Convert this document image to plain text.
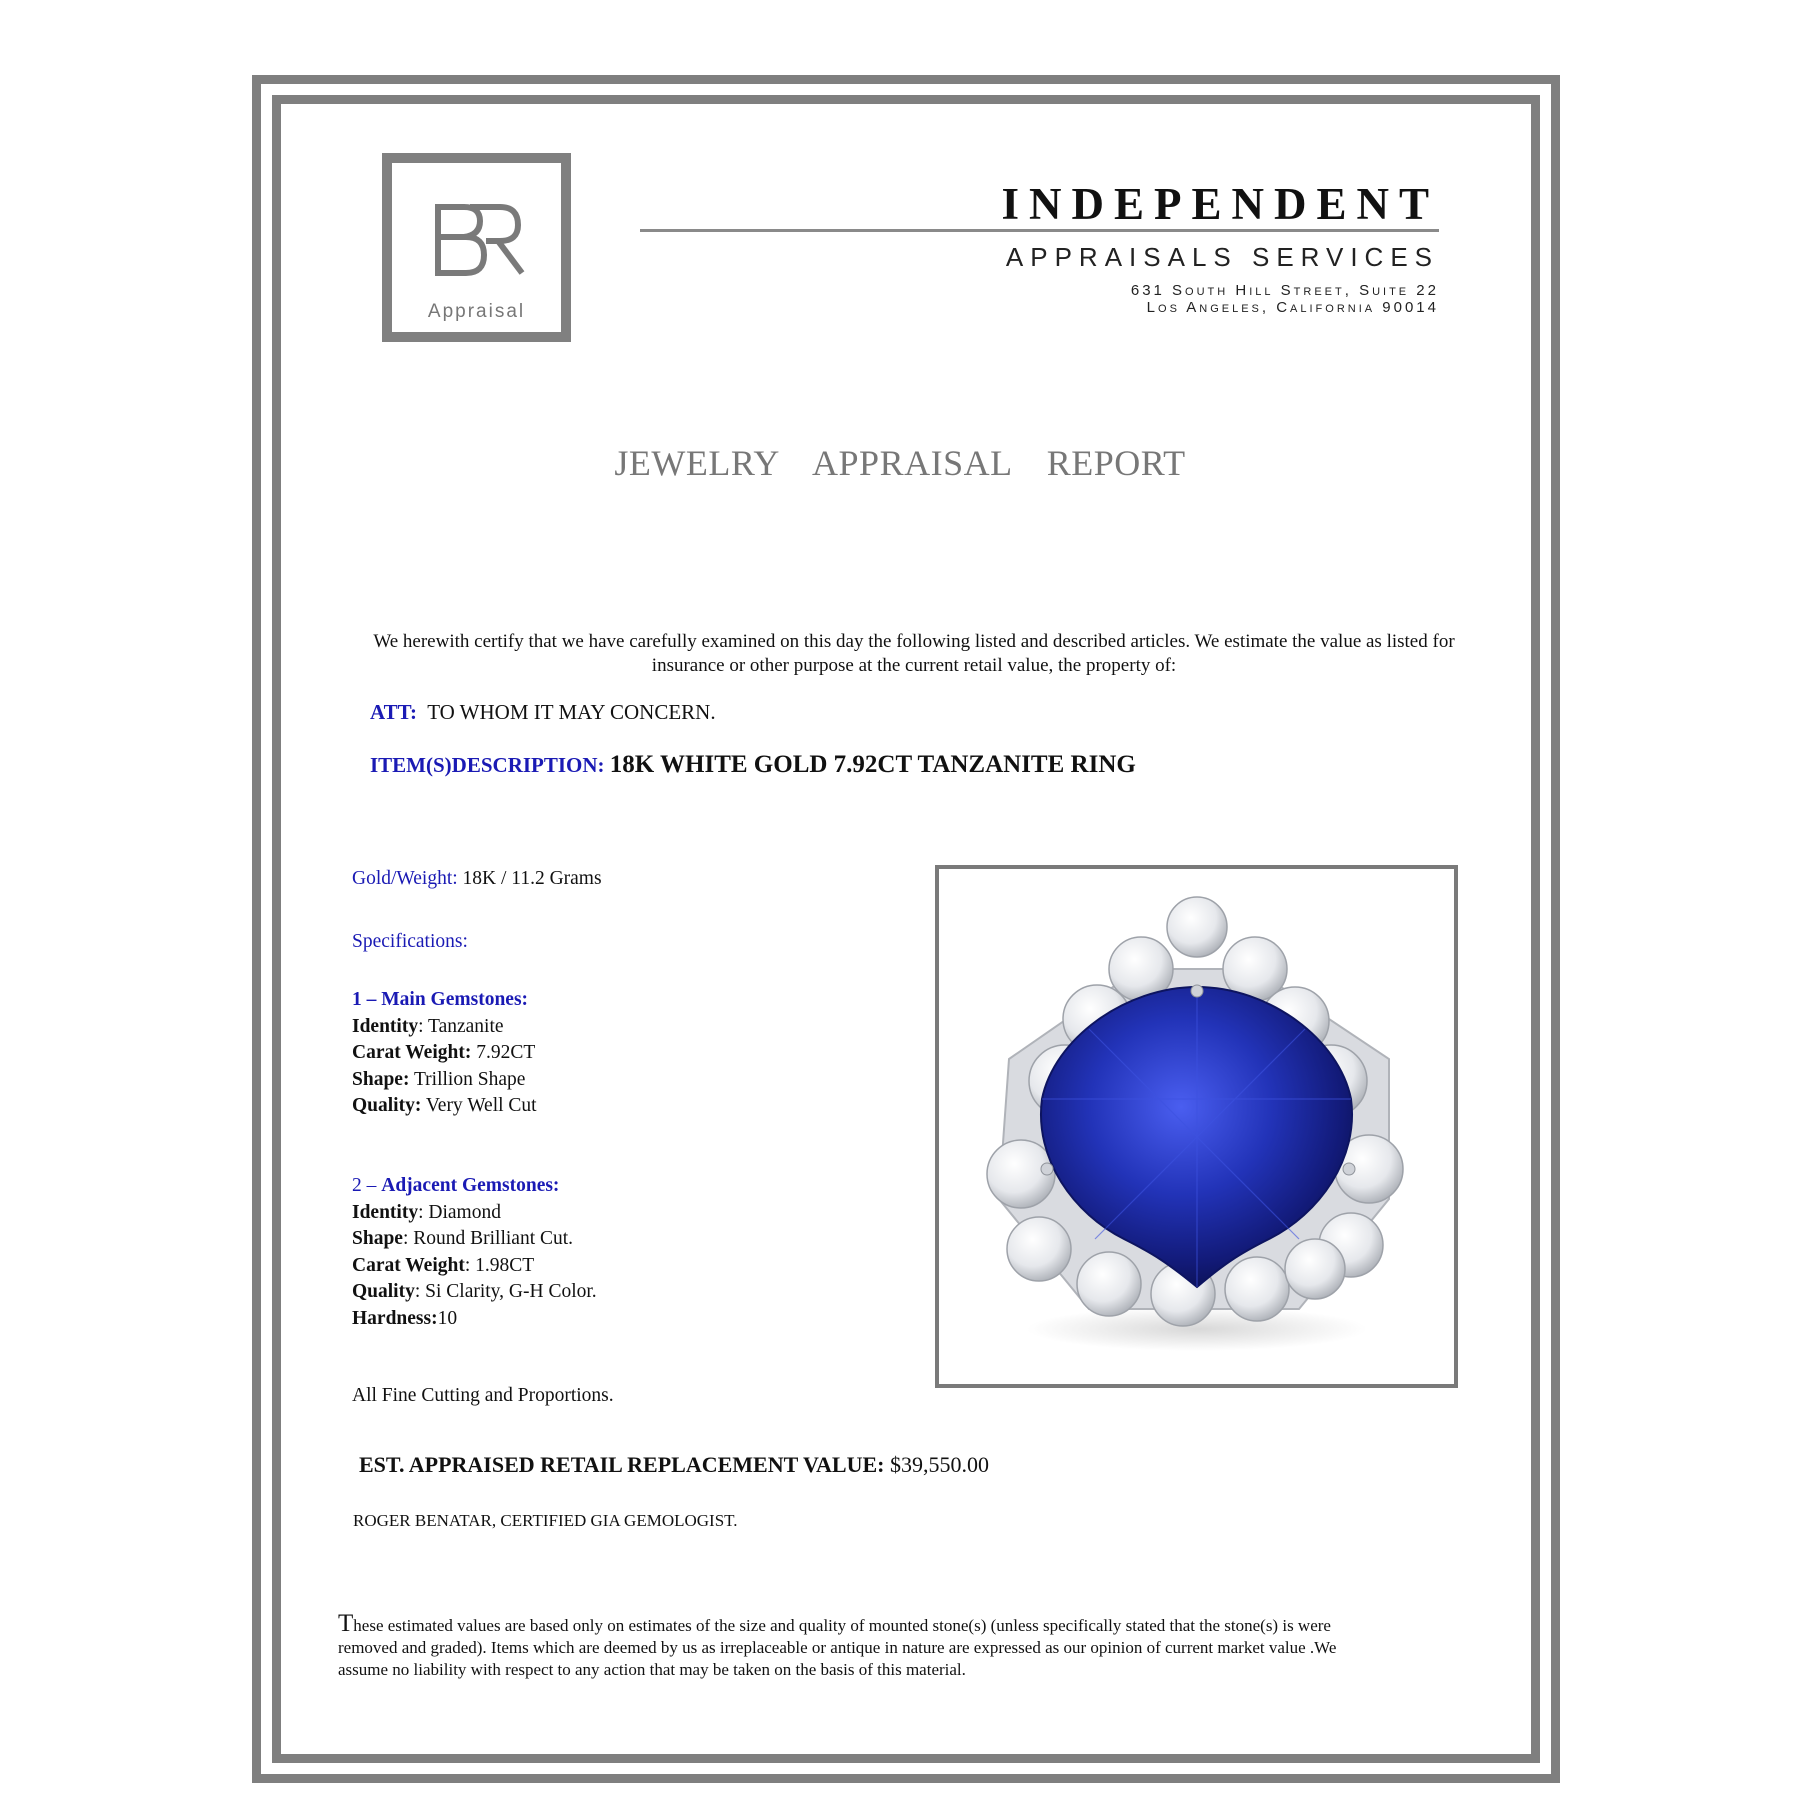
Appraisal
INDEPENDENT
APPRAISALS SERVICES
631 South Hill Street, Suite 22
Los Angeles, California 90014
JEWELRY APPRAISAL REPORT
We herewith certify that we have carefully examined on this day the following listed and described articles. We estimate the value as listed for insurance or other purpose at the current retail value, the property of:
ATT: TO WHOM IT MAY CONCERN.
ITEM(S)DESCRIPTION: 18K WHITE GOLD 7.92CT TANZANITE RING
Gold/Weight: 18K / 11.2 Grams
Specifications:
1 – Main Gemstones:
Identity: Tanzanite
Carat Weight: 7.92CT
Shape: Trillion Shape
Quality: Very Well Cut
2 – Adjacent Gemstones:
Identity: Diamond
Shape: Round Brilliant Cut.
Carat Weight: 1.98CT
Quality: Si Clarity, G-H Color.
Hardness:10
All Fine Cutting and Proportions.
EST. APPRAISED RETAIL REPLACEMENT VALUE: $39,550.00
ROGER BENATAR, CERTIFIED GIA GEMOLOGIST.
These estimated values are based only on estimates of the size and quality of mounted stone(s) (unless specifically stated that the stone(s) is were removed and graded). Items which are deemed by us as irreplaceable or antique in nature are expressed as our opinion of current market value .We assume no liability with respect to any action that may be taken on the basis of this material.
